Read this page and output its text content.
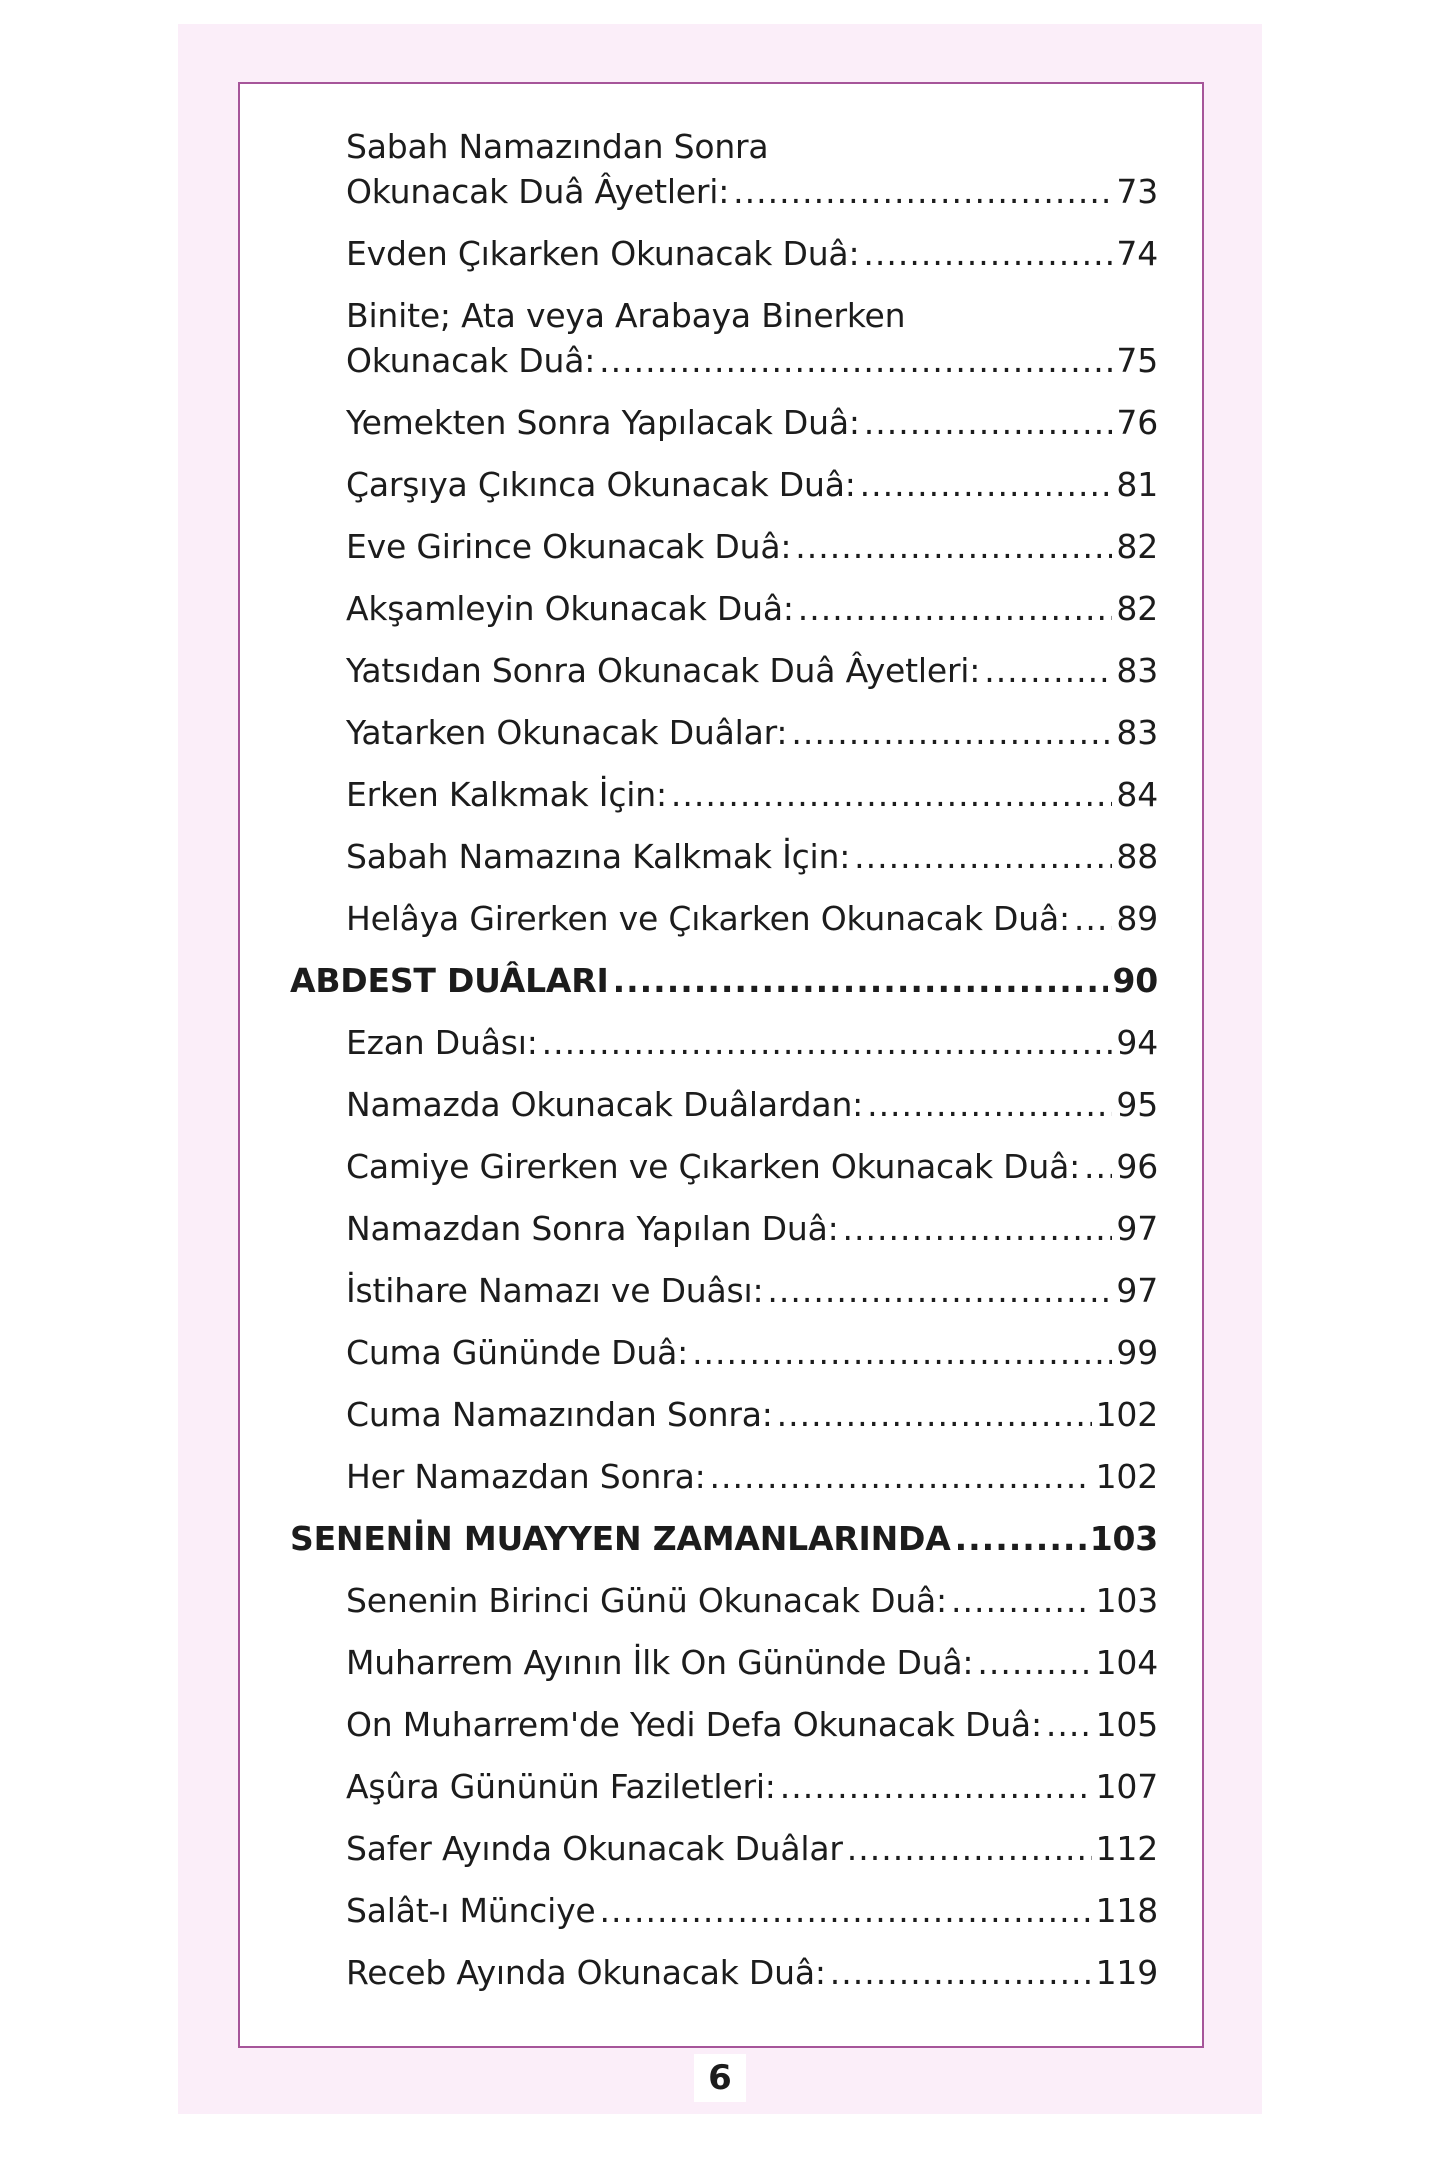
Sabah Namazından Sonra
Okunacak Duâ Âyetleri: .....	73
Evden Çıkarken Okunacak Duâ: .....	74
Binite; Ata veya Arabaya Binerken
Okunacak Duâ: .....	75
Yemekten Sonra Yapılacak Duâ: .....	76
Çarşıya Çıkınca Okunacak Duâ: .....	81
Eve Girince Okunacak Duâ: .....	82
Akşamleyin Okunacak Duâ: .....	82
Yatsıdan Sonra Okunacak Duâ Âyetleri: .....	83
Yatarken Okunacak Duâlar: .....	83
Erken Kalkmak İçin: .....	84
Sabah Namazına Kalkmak İçin: .....	88
Helâya Girerken ve Çıkarken Okunacak Duâ: ..... 89
ABDEST DUÂLARI .....	90
Ezan Duâsı: .....	94
Namazda Okunacak Duâlardan: .....	95
Camiye Girerken ve Çıkarken Okunacak Duâ: ..... 96
Namazdan Sonra Yapılan Duâ: .....	97
İstihare Namazı ve Duâsı: .....	97
Cuma Gününde Duâ: .....	99
Cuma Namazından Sonra: .....	102
Her Namazdan Sonra: .....	102
SENENİN MUAYYEN ZAMANLARINDA .....	103
Senenin Birinci Günü Okunacak Duâ: .....	103
Muharrem Ayının İlk On Gününde Duâ: .....	104
On Muharrem'de Yedi Defa Okunacak Duâ: ..... 105
Aşûra Gününün Faziletleri: .....	107
Safer Ayında Okunacak Duâlar .....	112
Salât-ı Münciye .....	118
Receb Ayında Okunacak Duâ: .....	119
6
